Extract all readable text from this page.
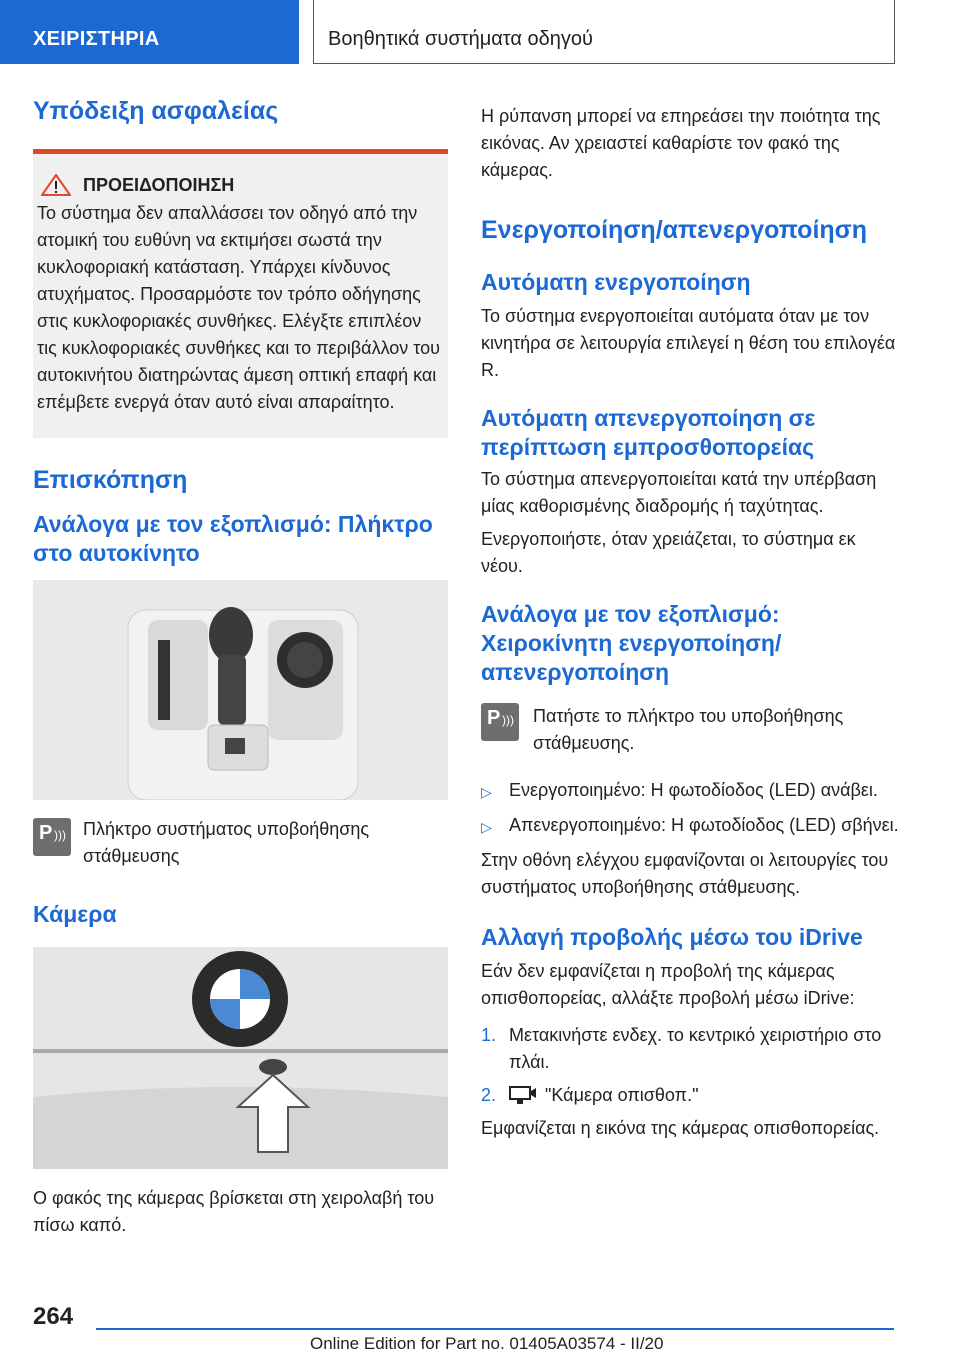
ΧΕΙΡΙΣΤΗΡΙΑ	Βοηθητικά συστήματα οδηγού
Υπόδειξη ασφαλείας
ΠΡΟΕΙΔΟΠΟΙΗΣΗ

Το σύστημα δεν απαλλάσσει τον οδηγό από την ατομική του ευθύνη να εκτιμήσει σωστά την κυκλοφοριακή κατάσταση. Υπάρχει κίνδυνος ατυχήματος. Προσαρμόστε τον τρόπο οδήγησης στις κυκλοφοριακές συνθήκες. Ελέγξτε επιπλέον τις κυκλοφοριακές συνθήκες και το περιβάλλον του αυτοκινήτου διατηρώντας άμεση οπτική επαφή και επέμβετε ενεργά όταν αυτό είναι απαραίτητο.

Επισκόπηση
Ανάλογα με τον εξοπλισμό: Πλήκτρο στο αυτοκίνητο
P ))) Πλήκτρο συστήματος υποβοήθησης στάθμευσης

Κάμερα

Ο φακός της κάμερας βρίσκεται στη χειρολαβή του πίσω καπό.

Η ρύπανση μπορεί να επηρεάσει την ποιότητα της εικόνας. Αν χρειαστεί καθαρίστε τον φακό της κάμερας.

Ενεργοποίηση/απενεργοποίηση
Αυτόματη ενεργοποίηση

Το σύστημα ενεργοποιείται αυτόματα όταν με τον κινητήρα σε λειτουργία επιλεγεί η θέση του επιλογέα R.

Αυτόματη απενεργοποίηση σε περίπτωση εμπροσθοπορείας

Το σύστημα απενεργοποιείται κατά την υπέρβαση μίας καθορισμένης διαδρομής ή ταχύτητας.

Ενεργοποιήστε, όταν χρειάζεται, το σύστημα εκ νέου.

Ανάλογα με τον εξοπλισμό: Χειροκίνητη ενεργοποίηση/ απενεργοποίηση
P ))) Πατήστε το πλήκτρο του υποβοήθησης στάθμευσης.

▷ Ενεργοποιημένο: Η φωτοδίοδος (LED) ανάβει.
▷ Απενεργοποιημένο: Η φωτοδίοδος (LED) σβήνει.

Στην οθόνη ελέγχου εμφανίζονται οι λειτουργίες του συστήματος υποβοήθησης στάθμευσης.

Αλλαγή προβολής μέσω του iDrive

Εάν δεν εμφανίζεται η προβολή της κάμερας οπισθοπορείας, αλλάξτε προβολή μέσω iDrive:

1. Μετακινήστε ενδεχ. το κεντρικό χειριστήριο στο πλάι.
2.	"Κάμερα οπισθοπ."

Εμφανίζεται η εικόνα της κάμερας οπισθοπορείας.

264
Online Edition for Part no. 01405A03574 - II/20
